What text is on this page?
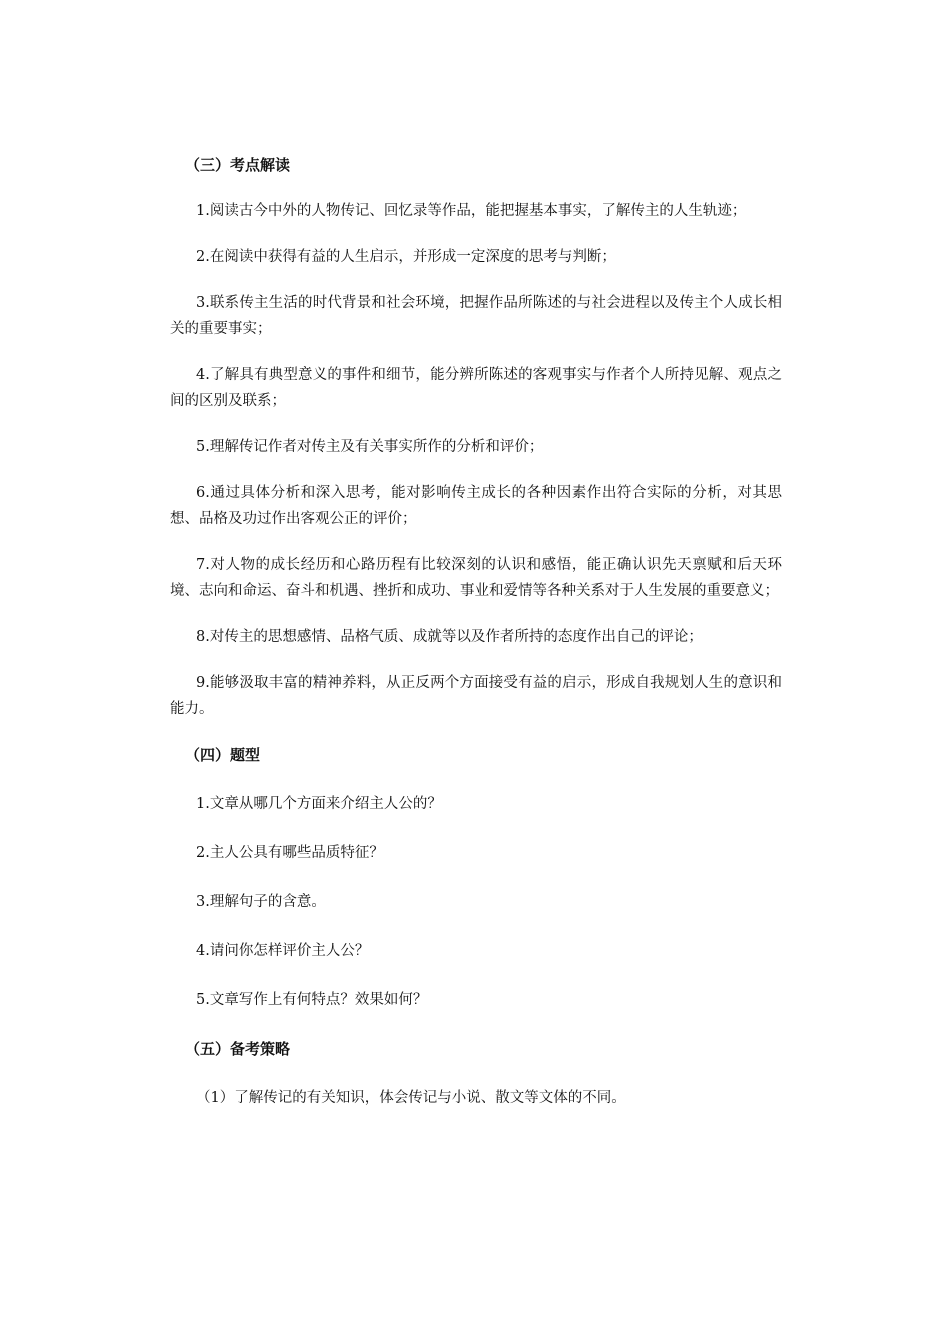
（三）考点解读

1.阅读古今中外的人物传记、回忆录等作品，能把握基本事实，了解传主的人生轨迹；

2.在阅读中获得有益的人生启示，并形成一定深度的思考与判断；

3.联系传主生活的时代背景和社会环境，把握作品所陈述的与社会进程以及传主个人成长相关的重要事实；

4.了解具有典型意义的事件和细节，能分辨所陈述的客观事实与作者个人所持见解、观点之间的区别及联系；

5.理解传记作者对传主及有关事实所作的分析和评价；

6.通过具体分析和深入思考，能对影响传主成长的各种因素作出符合实际的分析，对其思想、品格及功过作出客观公正的评价；

7.对人物的成长经历和心路历程有比较深刻的认识和感悟，能正确认识先天禀赋和后天环境、志向和命运、奋斗和机遇、挫折和成功、事业和爱情等各种关系对于人生发展的重要意义；

8.对传主的思想感情、品格气质、成就等以及作者所持的态度作出自己的评论；

9.能够汲取丰富的精神养料，从正反两个方面接受有益的启示，形成自我规划人生的意识和能力。

（四）题型

1.文章从哪几个方面来介绍主人公的？

2.主人公具有哪些品质特征？

3.理解句子的含意。

4.请问你怎样评价主人公？

5.文章写作上有何特点？效果如何？

（五）备考策略

（1）了解传记的有关知识，体会传记与小说、散文等文体的不同。
